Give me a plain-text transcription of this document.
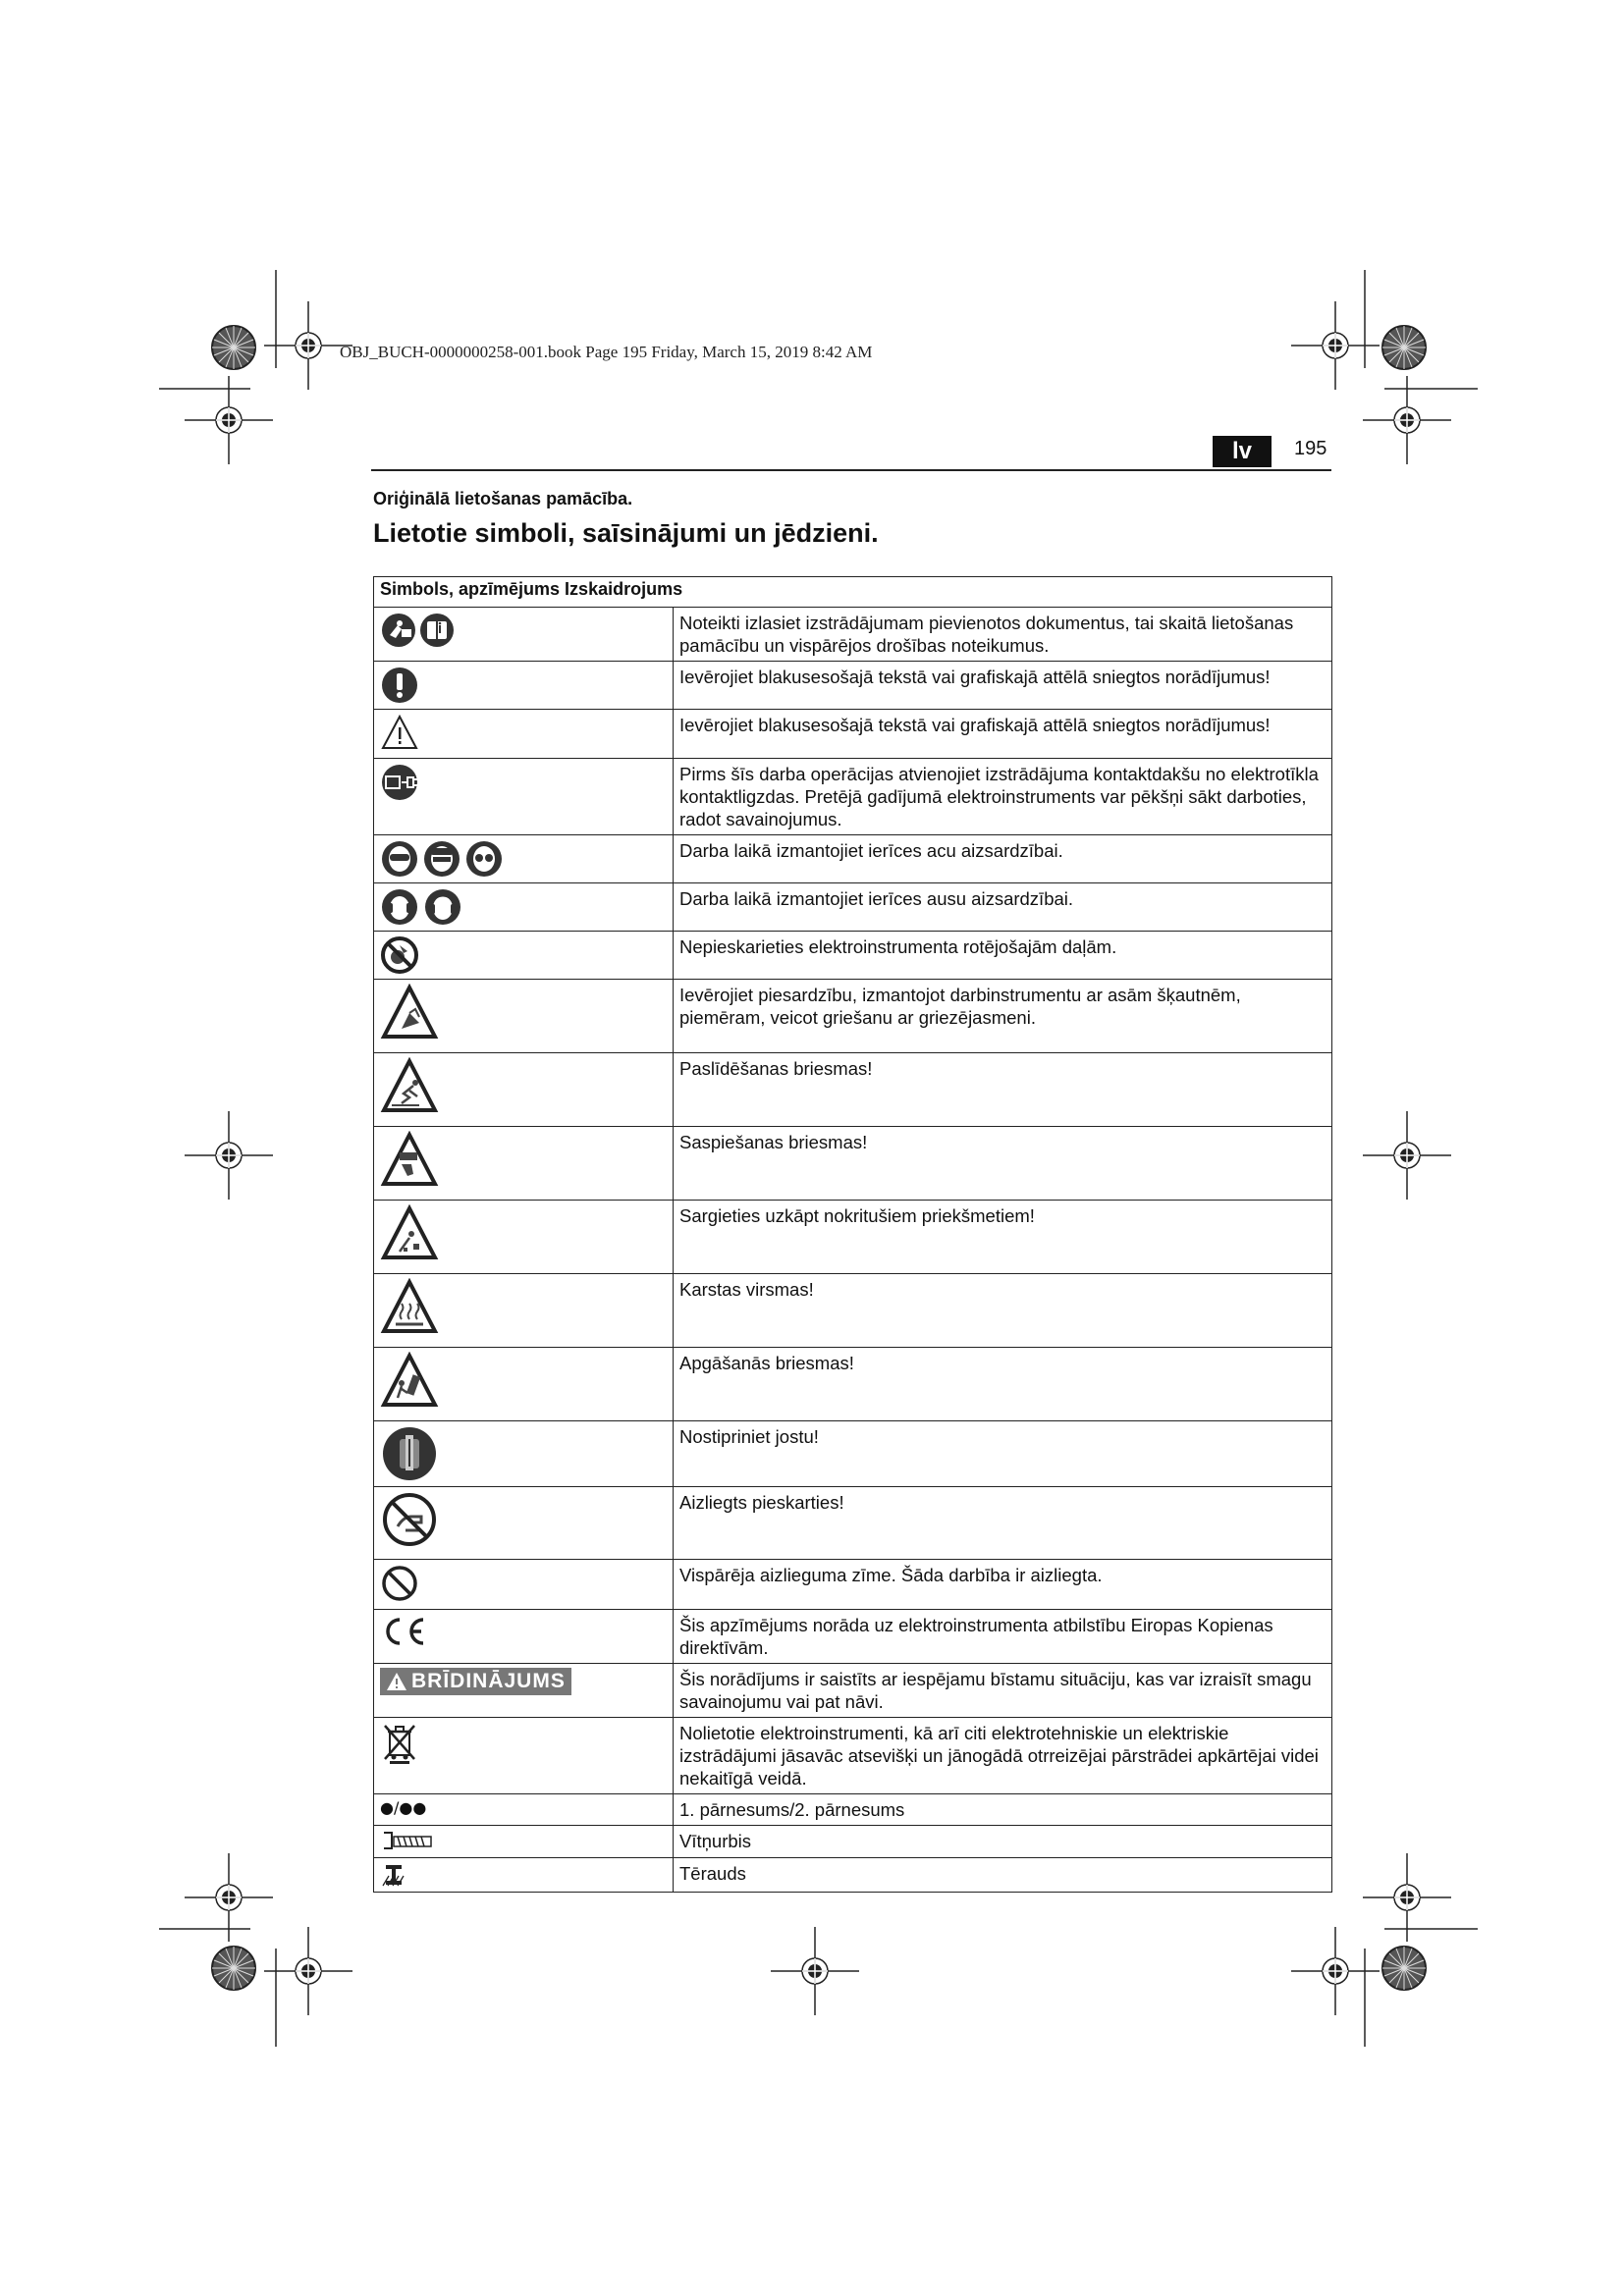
OBJ_BUCH-0000000258-001.book Page 195 Friday, March 15, 2019 8:42 AM
lv	195
Oriģinālā lietošanas pamācība.
Lietotie simboli, saīsinājumi un jēdzieni.
Simbols, apzīmējums Izskaidrojums	

	Noteikti izlasiet izstrādājumam pievienotos dokumentus, tai skaitā lietošanas pamācību un vispārējos drošības noteikumus.

	Ievērojiet blakusesošajā tekstā vai grafiskajā attēlā sniegtos norādījumus!

	Ievērojiet blakusesošajā tekstā vai grafiskajā attēlā sniegtos norādījumus!

	Pirms šīs darba operācijas atvienojiet izstrādājuma kontaktdakšu no elektrotīkla kontaktligzdas. Pretējā gadījumā elektroinstruments var pēkšņi sākt darboties, radot savainojumus.

	Darba laikā izmantojiet ierīces acu aizsardzībai.

	Darba laikā izmantojiet ierīces ausu aizsardzībai.

	Nepieskarieties elektroinstrumenta rotējošajām daļām.

	Ievērojiet piesardzību, izmantojot darbinstrumentu ar asām šķautnēm, piemēram, veicot griešanu ar griezējasmeni.

	Paslīdēšanas briesmas!

	Saspiešanas briesmas!

	Sargieties uzkāpt nokritušiem priekšmetiem!

	Karstas virsmas!

	Apgāšanās briesmas!

	Nostipriniet jostu!

	Aizliegts pieskarties!

	Vispārēja aizlieguma zīme. Šāda darbība ir aizliegta.

	Šis apzīmējums norāda uz elektroinstrumenta atbilstību Eiropas Kopienas direktīvām.

BRĪDINĀJUMS	Šis norādījums ir saistīts ar iespējamu bīstamu situāciju, kas var izraisīt smagu savainojumu vai pat nāvi.

	Nolietotie elektroinstrumenti, kā arī citi elektrotehniskie un elektriskie izstrādājumi jāsavāc atsevišķi un jānogādā otrreizējai pārstrādei apkārtējai videi nekaitīgā veidā.
●/●●	1. pārnesums/2. pārnesums

	Vītņurbis

	Tērauds
